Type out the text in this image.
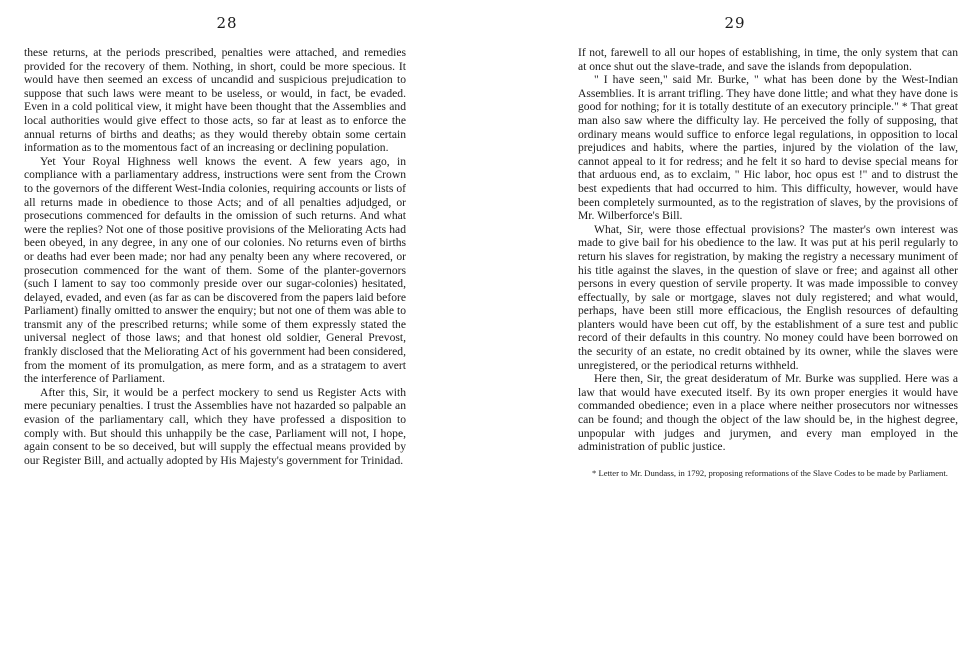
28

these returns, at the periods prescribed, penalties were attached, and remedies provided for the recovery of them. Nothing, in short, could be more specious. It would have then seemed an excess of uncandid and suspicious prejudication to suppose that such laws were meant to be useless, or would, in fact, be evaded. Even in a cold political view, it might have been thought that the Assemblies and local authorities would give effect to those acts, so far at least as to enforce the annual returns of births and deaths; as they would thereby obtain some certain information as to the momentous fact of an increasing or declining population.

Yet Your Royal Highness well knows the event. A few years ago, in compliance with a parliamentary address, instructions were sent from the Crown to the governors of the different West-India colonies, requiring accounts or lists of all returns made in obedience to those Acts; and of all penalties adjudged, or prosecutions commenced for defaults in the omission of such returns. And what were the replies? Not one of those positive provisions of the Meliorating Acts had been obeyed, in any degree, in any one of our colonies. No returns even of births or deaths had ever been made; nor had any penalty been any where recovered, or prosecution commenced for the want of them. Some of the planter-governors (such I lament to say too commonly preside over our sugar-colonies) hesitated, delayed, evaded, and even (as far as can be discovered from the papers laid before Parliament) finally omitted to answer the enquiry; but not one of them was able to transmit any of the prescribed returns; while some of them expressly stated the universal neglect of those laws; and that honest old soldier, General Prevost, frankly disclosed that the Meliorating Act of his government had been considered, from the moment of its promulgation, as mere form, and as a stratagem to avert the interference of Parliament.

After this, Sir, it would be a perfect mockery to send us Register Acts with mere pecuniary penalties. I trust the Assemblies have not hazarded so palpable an evasion of the parliamentary call, which they have professed a disposition to comply with. But should this unhappily be the case, Parliament will not, I hope, again consent to be so deceived, but will supply the effectual means provided by our Register Bill, and actually adopted by His Majesty's government for Trinidad.

29

If not, farewell to all our hopes of establishing, in time, the only system that can at once shut out the slave-trade, and save the islands from depopulation.

" I have seen," said Mr. Burke, " what has been done by the West-Indian Assemblies. It is arrant trifling. They have done little; and what they have done is good for nothing; for it is totally destitute of an executory principle." * That great man also saw where the difficulty lay. He perceived the folly of supposing, that ordinary means would suffice to enforce legal regulations, in opposition to local prejudices and habits, where the parties, injured by the violation of the law, cannot appeal to it for redress; and he felt it so hard to devise special means for that arduous end, as to exclaim, " Hic labor, hoc opus est !" and to distrust the best expedients that had occurred to him. This difficulty, however, would have been completely surmounted, as to the registration of slaves, by the provisions of Mr. Wilberforce's Bill.

What, Sir, were those effectual provisions? The master's own interest was made to give bail for his obedience to the law. It was put at his peril regularly to return his slaves for registration, by making the registry a necessary muniment of his title against the slaves, in the question of slave or free; and against all other persons in every question of servile property. It was made impossible to convey effectually, by sale or mortgage, slaves not duly registered; and what would, perhaps, have been still more efficacious, the English resources of defaulting planters would have been cut off, by the establishment of a sure test and public record of their defaults in this country. No money could have been borrowed on the security of an estate, no credit obtained by its owner, while the slaves were unregistered, or the periodical returns withheld.

Here then, Sir, the great desideratum of Mr. Burke was supplied. Here was a law that would have executed itself. By its own proper energies it would have commanded obedience; even in a place where neither prosecutors nor witnesses can be found; and though the object of the law should be, in the highest degree, unpopular with judges and jurymen, and every man employed in the administration of public justice.

* Letter to Mr. Dundass, in 1792, proposing reformations of the Slave Codes to be made by Parliament.
